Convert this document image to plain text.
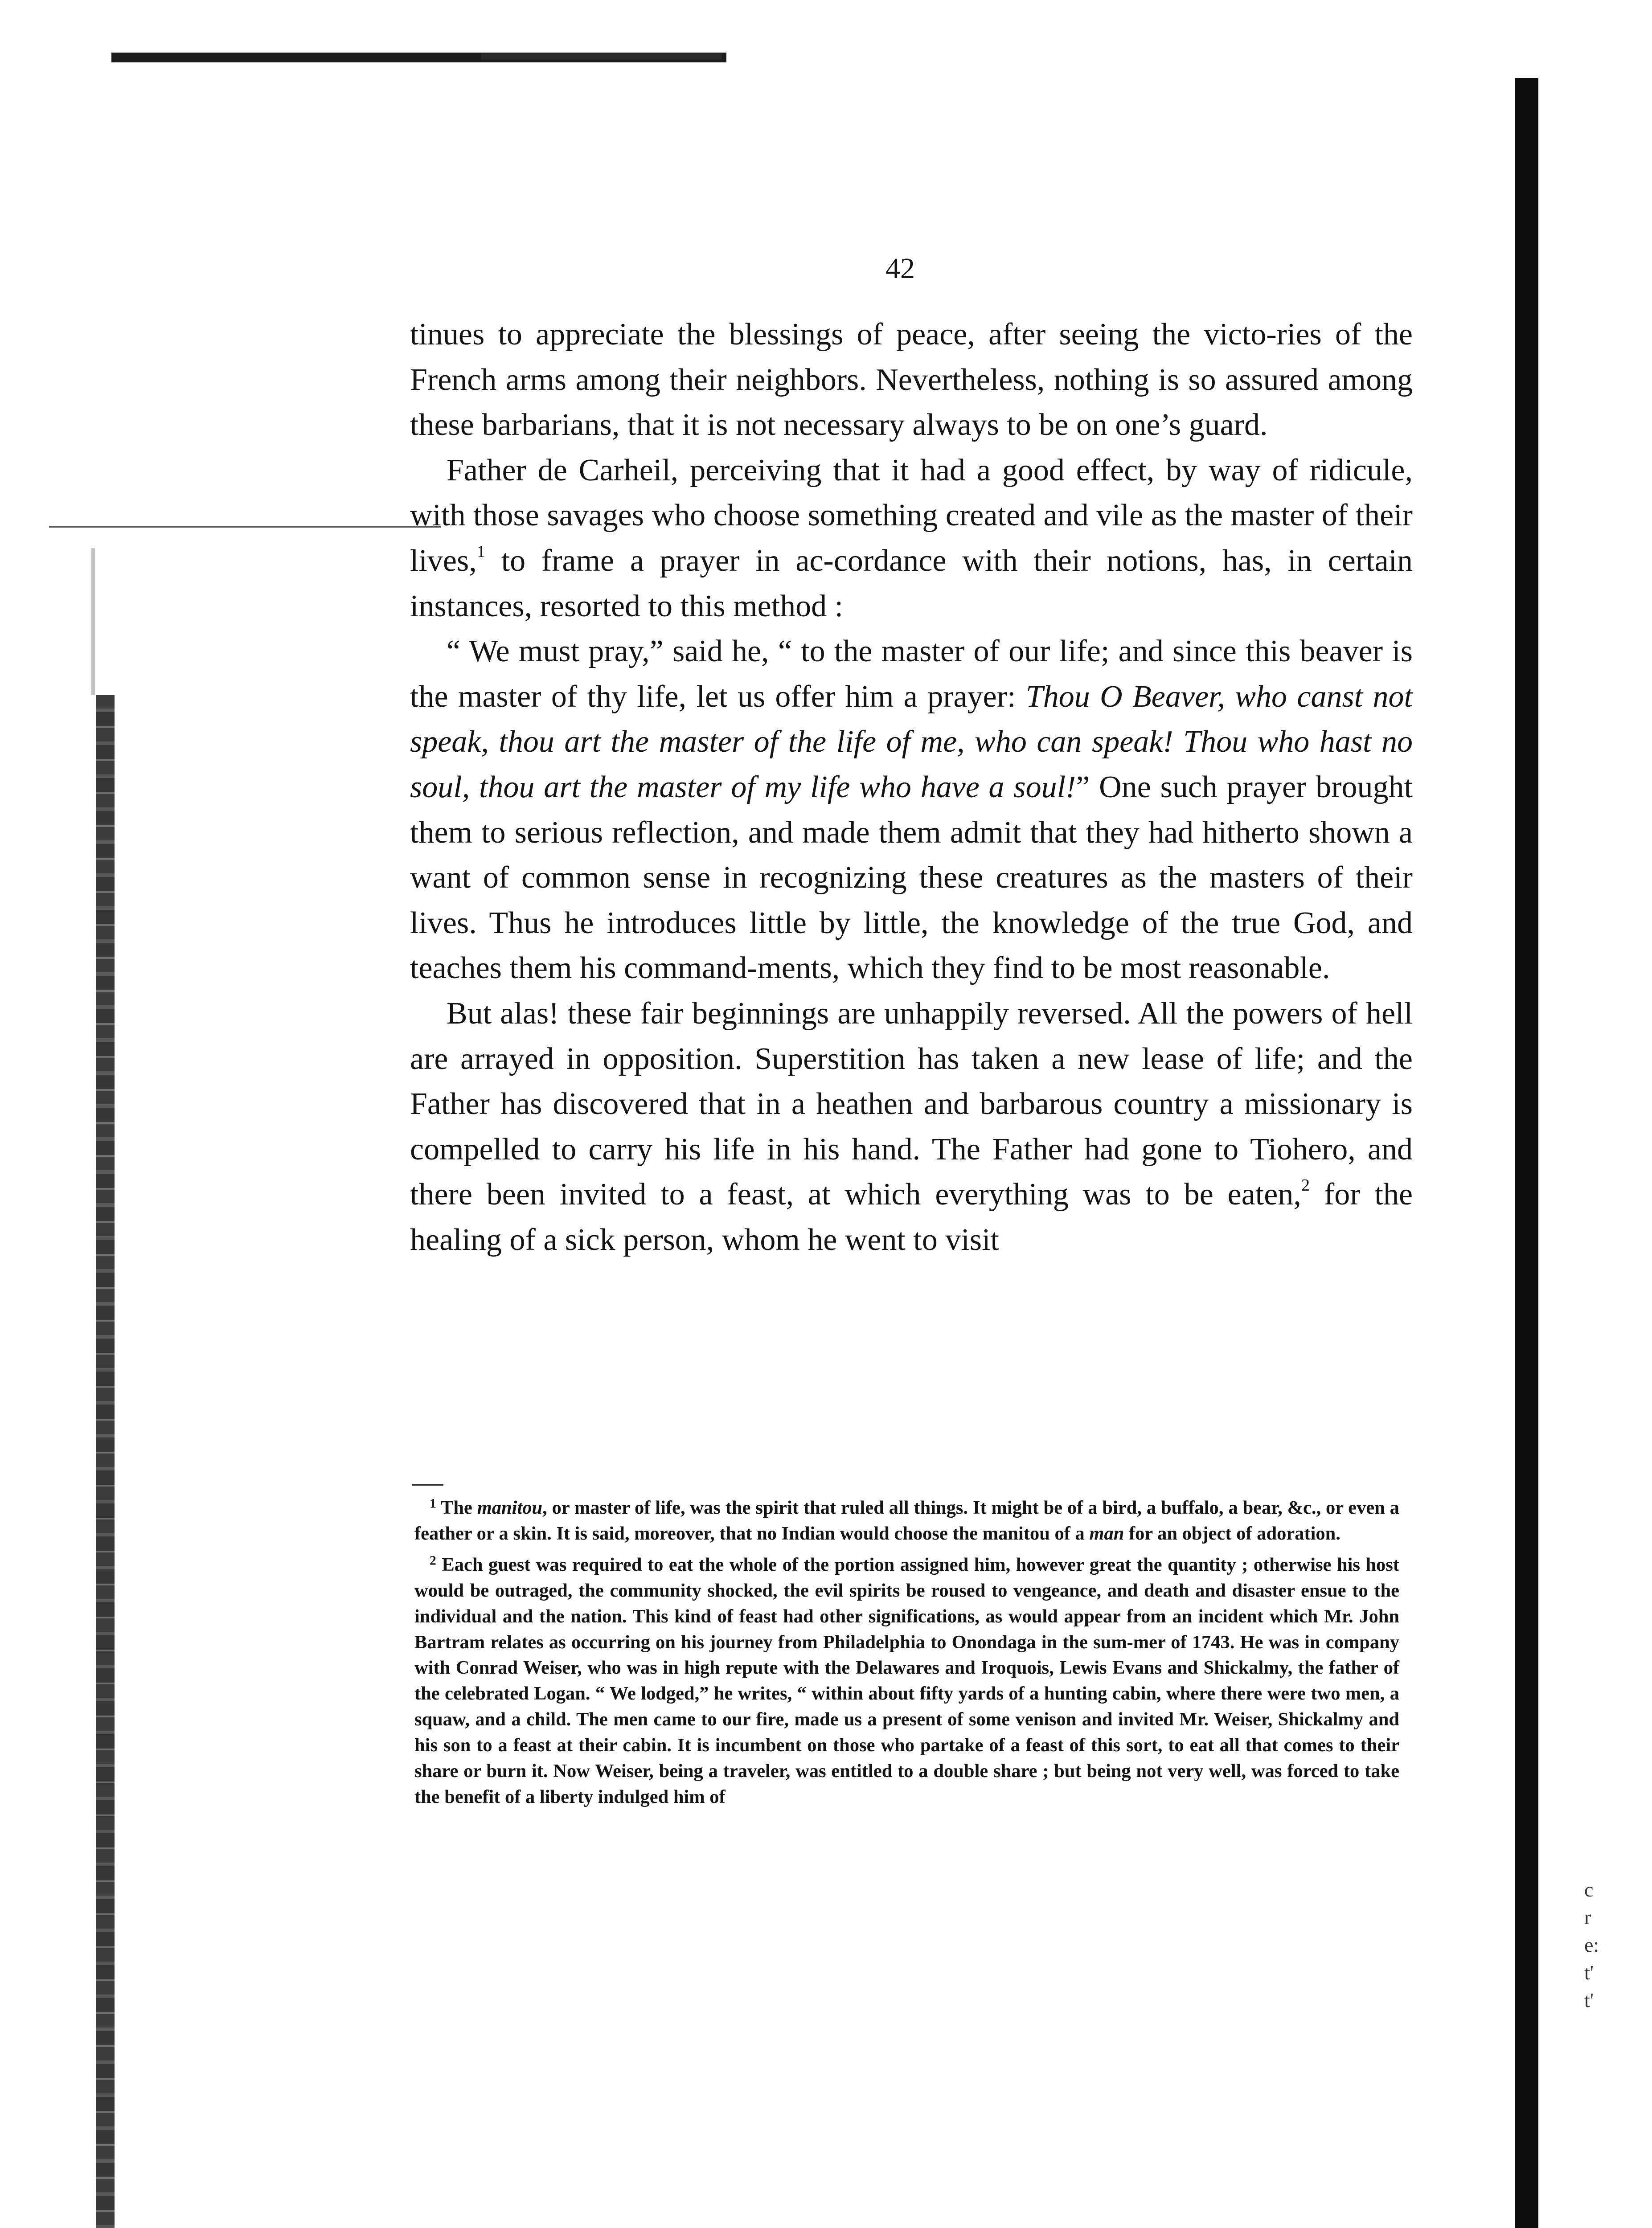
42

tinues to appreciate the blessings of peace, after seeing the victo-ries of the French arms among their neighbors. Nevertheless, nothing is so assured among these barbarians, that it is not necessary always to be on one’s guard.

Father de Carheil, perceiving that it had a good effect, by way of ridicule, with those savages who choose something created and vile as the master of their lives,$^1$ to frame a prayer in ac-cordance with their notions, has, in certain instances, resorted to this method :

“ We must pray,” said he, “ to the master of our life; and since this beaver is the master of thy life, let us offer him a prayer: Thou O Beaver, who canst not speak, thou art the master of the life of me, who can speak! Thou who hast no soul, thou art the master of my life who have a soul!” One such prayer brought them to serious reflection, and made them admit that they had hitherto shown a want of common sense in recognizing these creatures as the masters of their lives. Thus he introduces little by little, the knowledge of the true God, and teaches them his command-ments, which they find to be most reasonable.

But alas! these fair beginnings are unhappily reversed. All the powers of hell are arrayed in opposition. Superstition has taken a new lease of life; and the Father has discovered that in a heathen and barbarous country a missionary is compelled to carry his life in his hand. The Father had gone to Tiohero, and there been invited to a feast, at which everything was to be eaten,$^2$ for the healing of a sick person, whom he went to visit

$^1$ The manitou, or master of life, was the spirit that ruled all things. It might be of a bird, a buffalo, a bear, &c., or even a feather or a skin. It is said, moreover, that no Indian would choose the manitou of a man for an object of adoration.

$^2$ Each guest was required to eat the whole of the portion assigned him, however great the quantity ; otherwise his host would be outraged, the community shocked, the evil spirits be roused to vengeance, and death and disaster ensue to the individual and the nation. This kind of feast had other significations, as would appear from an incident which Mr. John Bartram relates as occurring on his journey from Philadelphia to Onondaga in the sum-mer of 1743. He was in company with Conrad Weiser, who was in high repute with the Delawares and Iroquois, Lewis Evans and Shickalmy, the father of the celebrated Logan. “ We lodged,” he writes, “ within about fifty yards of a hunting cabin, where there were two men, a squaw, and a child. The men came to our fire, made us a present of some venison and invited Mr. Weiser, Shickalmy and his son to a feast at their cabin. It is incumbent on those who partake of a feast of this sort, to eat all that comes to their share or burn it. Now Weiser, being a traveler, was entitled to a double share ; but being not very well, was forced to take the benefit of a liberty indulged him of

c
r
e:
t'
t'
